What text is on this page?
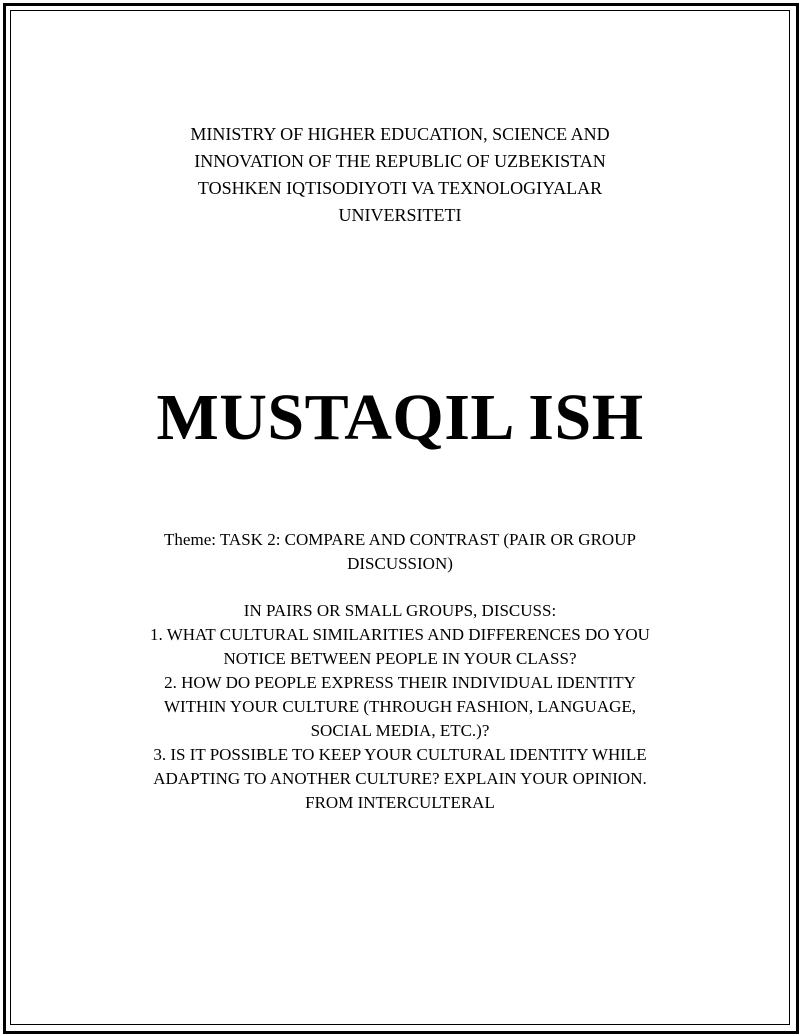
MINISTRY OF HIGHER EDUCATION, SCIENCE AND
INNOVATION OF THE REPUBLIC OF UZBEKISTAN
TOSHKEN IQTISODIYOTI VA TEXNOLOGIYALAR
UNIVERSITETI
MUSTAQIL ISH
Theme: TASK 2: COMPARE AND CONTRAST (PAIR OR GROUP
DISCUSSION)
IN PAIRS OR SMALL GROUPS, DISCUSS:
1. WHAT CULTURAL SIMILARITIES AND DIFFERENCES DO YOU
NOTICE BETWEEN PEOPLE IN YOUR CLASS?
2. HOW DO PEOPLE EXPRESS THEIR INDIVIDUAL IDENTITY
WITHIN YOUR CULTURE (THROUGH FASHION, LANGUAGE,
SOCIAL MEDIA, ETC.)?
3. IS IT POSSIBLE TO KEEP YOUR CULTURAL IDENTITY WHILE
ADAPTING TO ANOTHER CULTURE? EXPLAIN YOUR OPINION.
FROM INTERCULTERAL
